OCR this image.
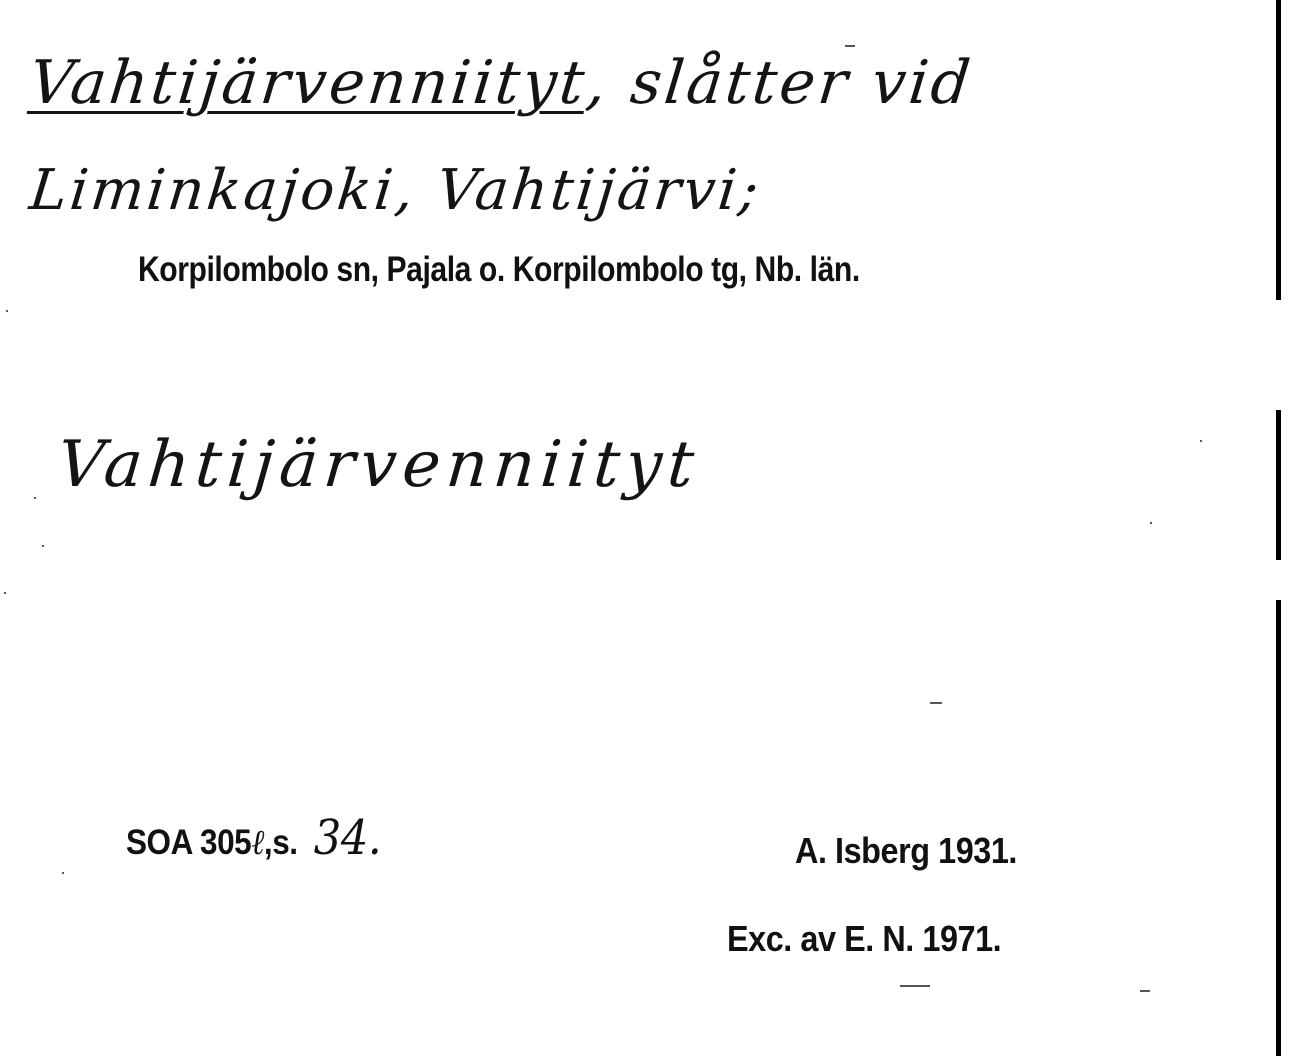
Vahtijärvenniityt, slåtter vid
Liminkajoki, Vahtijärvi;
Korpilombolo sn, Pajala o. Korpilombolo tg, Nb. län.
Vahtijärvenniityt
SOA 305ℓ,s. 34.	A. Isberg 1931.
Exc. av E. N. 1971.
